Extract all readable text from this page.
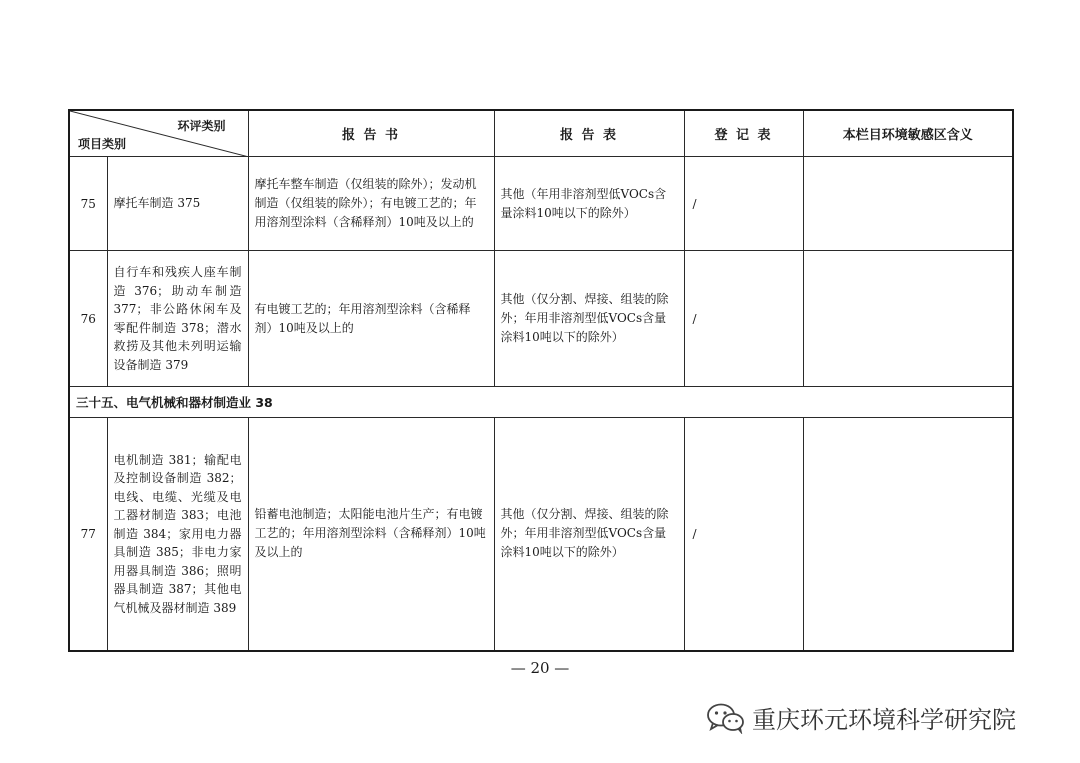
环评类别
项目类别		报 告 书	报 告 表	登 记 表	本栏目环境敏感区含义
75	摩托车制造 375	摩托车整车制造（仅组装的除外）；发动机制造（仅组装的除外）；有电镀工艺的；年用溶剂型涂料（含稀释剂）10吨及以上的	其他（年用非溶剂型低VOCs含量涂料10吨以下的除外）	/	
76	自行车和残疾人座车制造 376；助动车制造 377；非公路休闲车及零配件制造 378；潜水救捞及其他未列明运输设备制造 379	有电镀工艺的；年用溶剂型涂料（含稀释剂）10吨及以上的	其他（仅分割、焊接、组装的除外；年用非溶剂型低VOCs含量涂料10吨以下的除外）	/	
三十五、电气机械和器材制造业 38					
77	电机制造 381；输配电及控制设备制造 382；电线、电缆、光缆及电工器材制造 383；电池制造 384；家用电力器具制造 385；非电力家用器具制造 386；照明器具制造 387；其他电气机械及器材制造 389	铅蓄电池制造；太阳能电池片生产；有电镀工艺的；年用溶剂型涂料（含稀释剂）10吨及以上的	其他（仅分割、焊接、组装的除外；年用非溶剂型低VOCs含量涂料10吨以下的除外）	/	
— 20 —
重庆环元环境科学研究院
